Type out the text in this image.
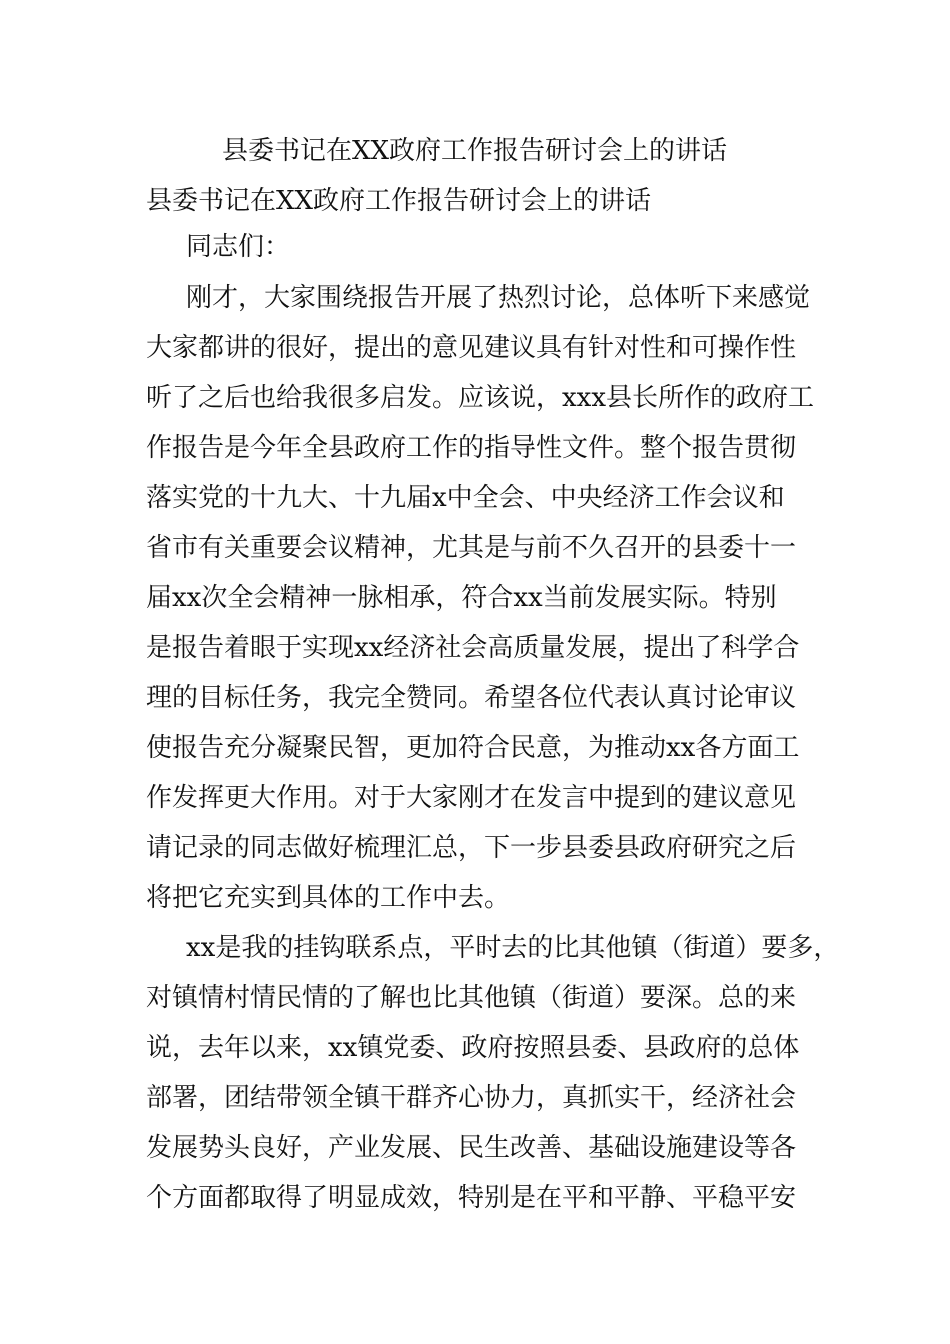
县委书记在XX政府工作报告研讨会上的讲话
县委书记在XX政府工作报告研讨会上的讲话
同志们：
刚才，大家围绕报告开展了热烈讨论，总体听下来感觉
大家都讲的很好，提出的意见建议具有针对性和可操作性
听了之后也给我很多启发。应该说，xxx县长所作的政府工
作报告是今年全县政府工作的指导性文件。整个报告贯彻
落实党的十九大、十九届x中全会、中央经济工作会议和
省市有关重要会议精神，尤其是与前不久召开的县委十一
届xx次全会精神一脉相承，符合xx当前发展实际。特别
是报告着眼于实现xx经济社会高质量发展，提出了科学合
理的目标任务，我完全赞同。希望各位代表认真讨论审议
使报告充分凝聚民智，更加符合民意，为推动xx各方面工
作发挥更大作用。对于大家刚才在发言中提到的建议意见
请记录的同志做好梳理汇总，下一步县委县政府研究之后
将把它充实到具体的工作中去。
xx是我的挂钩联系点，平时去的比其他镇（街道）要多，
对镇情村情民情的了解也比其他镇（街道）要深。总的来
说，去年以来，xx镇党委、政府按照县委、县政府的总体
部署，团结带领全镇干群齐心协力，真抓实干，经济社会
发展势头良好，产业发展、民生改善、基础设施建设等各
个方面都取得了明显成效，特别是在平和平静、平稳平安
